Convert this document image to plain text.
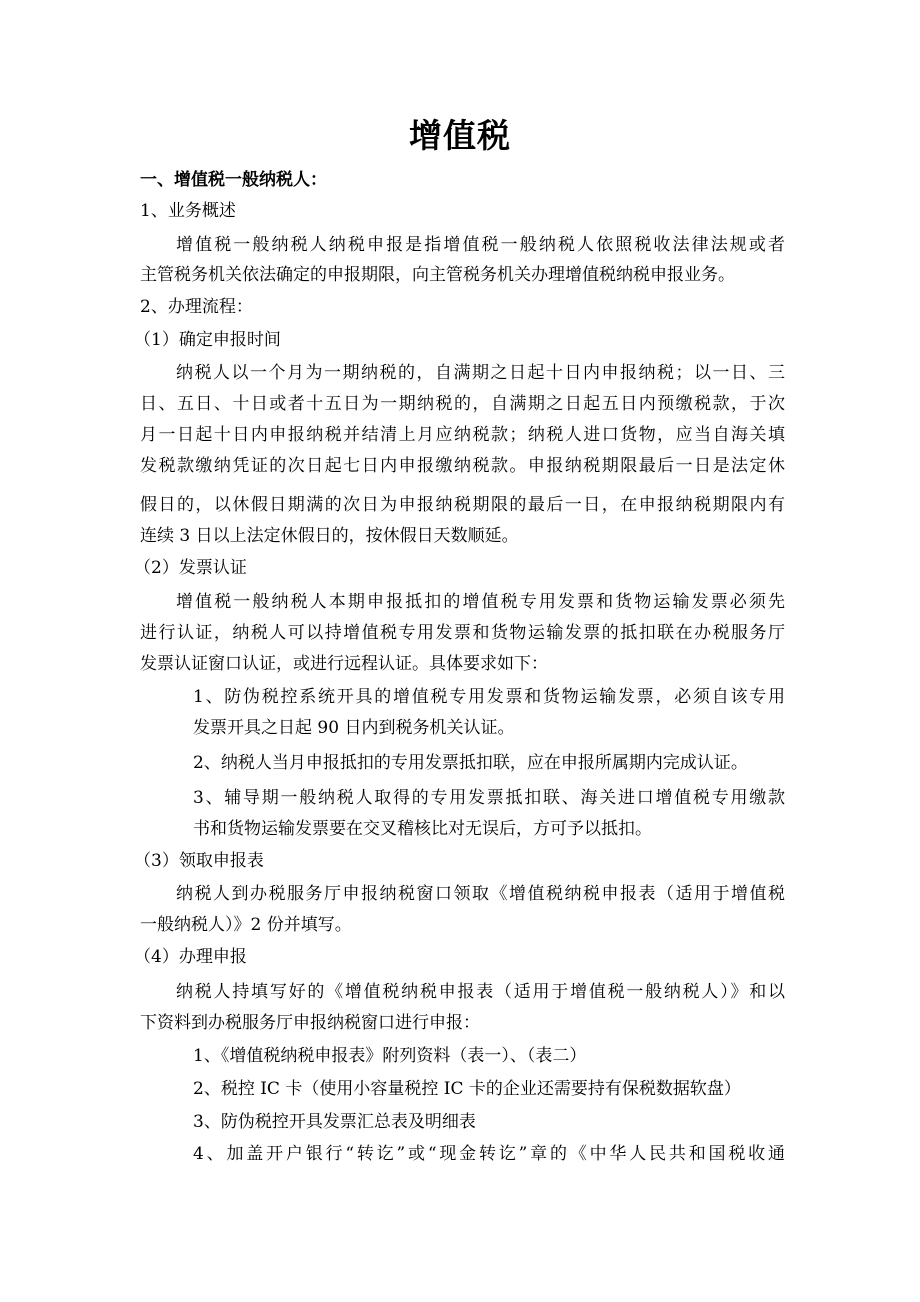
增值税
一、增值税一般纳税人：
1、业务概述
增值税一般纳税人纳税申报是指增值税一般纳税人依照税收法律法规或者
主管税务机关依法确定的申报期限，向主管税务机关办理增值税纳税申报业务。
2、办理流程：
（1）确定申报时间
纳税人以一个月为一期纳税的，自满期之日起十日内申报纳税；以一日、三
日、五日、十日或者十五日为一期纳税的，自满期之日起五日内预缴税款，于次
月一日起十日内申报纳税并结清上月应纳税款；纳税人进口货物，应当自海关填
发税款缴纳凭证的次日起七日内申报缴纳税款。申报纳税期限最后一日是法定休
假日的，以休假日期满的次日为申报纳税期限的最后一日，在申报纳税期限内有
连续 3 日以上法定休假日的，按休假日天数顺延。
（2）发票认证
增值税一般纳税人本期申报抵扣的增值税专用发票和货物运输发票必须先
进行认证，纳税人可以持增值税专用发票和货物运输发票的抵扣联在办税服务厅
发票认证窗口认证，或进行远程认证。具体要求如下：
1、防伪税控系统开具的增值税专用发票和货物运输发票，必须自该专用
发票开具之日起 90 日内到税务机关认证。
2、纳税人当月申报抵扣的专用发票抵扣联，应在申报所属期内完成认证。
3、辅导期一般纳税人取得的专用发票抵扣联、海关进口增值税专用缴款
书和货物运输发票要在交叉稽核比对无误后，方可予以抵扣。
（3）领取申报表
纳税人到办税服务厅申报纳税窗口领取《增值税纳税申报表（适用于增值税
一般纳税人）》2 份并填写。
（4）办理申报
纳税人持填写好的《增值税纳税申报表（适用于增值税一般纳税人）》和以
下资料到办税服务厅申报纳税窗口进行申报：
1、《增值税纳税申报表》附列资料（表一）、（表二）
2、税控 IC 卡（使用小容量税控 IC 卡的企业还需要持有保税数据软盘）
3、防伪税控开具发票汇总表及明细表
4、加盖开户银行“转讫”或“现金转讫”章的《中华人民共和国税收通
